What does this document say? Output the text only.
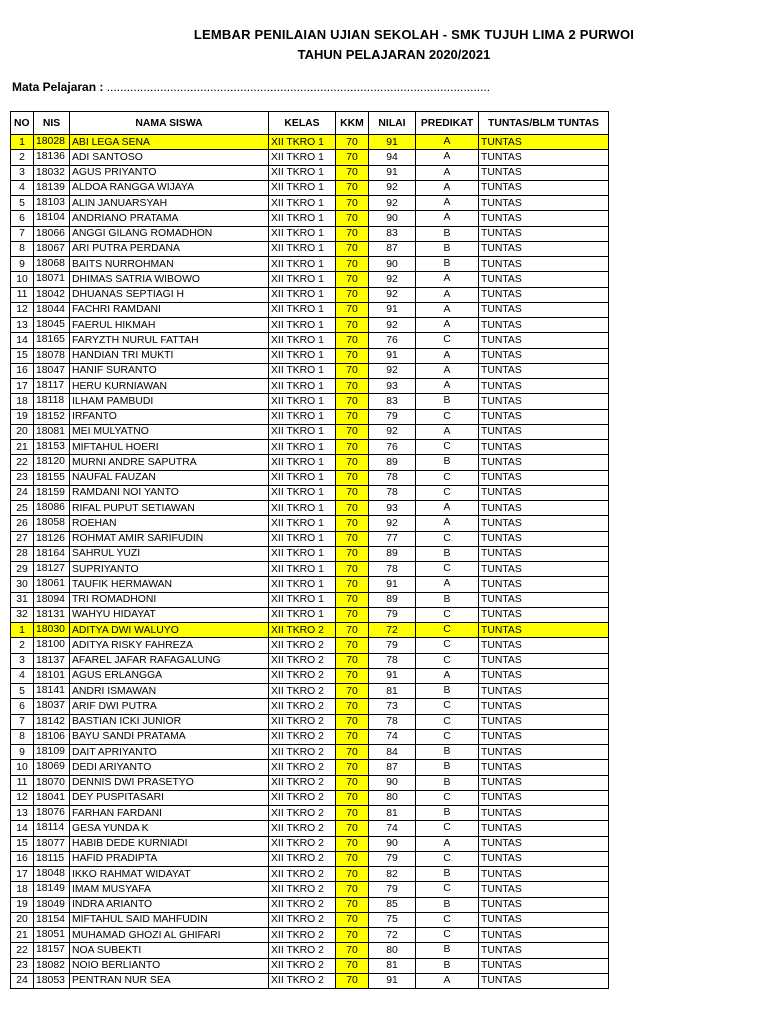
LEMBAR PENILAIAN UJIAN SEKOLAH - SMK TUJUH LIMA 2 PURWOI
TAHUN PELAJARAN 2020/2021
Mata Pelajaran : ...................................................................................................................
NO	NIS	NAMA SISWA	KELAS	KKM	NILAI	PREDIKAT	TUNTAS/BLM TUNTAS
1	18028	ABI LEGA SENA	XII TKRO 1	70	91	A	TUNTAS
2	18136	ADI SANTOSO	XII TKRO 1	70	94	A	TUNTAS
3	18032	AGUS PRIYANTO	XII TKRO 1	70	91	A	TUNTAS
4	18139	ALDOA RANGGA WIJAYA	XII TKRO 1	70	92	A	TUNTAS
5	18103	ALIN JANUARSYAH	XII TKRO 1	70	92	A	TUNTAS
6	18104	ANDRIANO PRATAMA	XII TKRO 1	70	90	A	TUNTAS
7	18066	ANGGI GILANG ROMADHON	XII TKRO 1	70	83	B	TUNTAS
8	18067	ARI PUTRA PERDANA	XII TKRO 1	70	87	B	TUNTAS
9	18068	BAITS NURROHMAN	XII TKRO 1	70	90	B	TUNTAS
10	18071	DHIMAS SATRIA WIBOWO	XII TKRO 1	70	92	A	TUNTAS
11	18042	DHUANAS SEPTIAGI H	XII TKRO 1	70	92	A	TUNTAS
12	18044	FACHRI RAMDANI	XII TKRO 1	70	91	A	TUNTAS
13	18045	FAERUL HIKMAH	XII TKRO 1	70	92	A	TUNTAS
14	18165	FARYZTH NURUL FATTAH	XII TKRO 1	70	76	C	TUNTAS
15	18078	HANDIAN TRI MUKTI	XII TKRO 1	70	91	A	TUNTAS
16	18047	HANIF SURANTO	XII TKRO 1	70	92	A	TUNTAS
17	18117	HERU KURNIAWAN	XII TKRO 1	70	93	A	TUNTAS
18	18118	ILHAM PAMBUDI	XII TKRO 1	70	83	B	TUNTAS
19	18152	IRFANTO	XII TKRO 1	70	79	C	TUNTAS
20	18081	MEI MULYATNO	XII TKRO 1	70	92	A	TUNTAS
21	18153	MIFTAHUL HOERI	XII TKRO 1	70	76	C	TUNTAS
22	18120	MURNI ANDRE SAPUTRA	XII TKRO 1	70	89	B	TUNTAS
23	18155	NAUFAL FAUZAN	XII TKRO 1	70	78	C	TUNTAS
24	18159	RAMDANI NOI YANTO	XII TKRO 1	70	78	C	TUNTAS
25	18086	RIFAL PUPUT SETIAWAN	XII TKRO 1	70	93	A	TUNTAS
26	18058	ROEHAN	XII TKRO 1	70	92	A	TUNTAS
27	18126	ROHMAT AMIR SARIFUDIN	XII TKRO 1	70	77	C	TUNTAS
28	18164	SAHRUL YUZI	XII TKRO 1	70	89	B	TUNTAS
29	18127	SUPRIYANTO	XII TKRO 1	70	78	C	TUNTAS
30	18061	TAUFIK HERMAWAN	XII TKRO 1	70	91	A	TUNTAS
31	18094	TRI ROMADHONI	XII TKRO 1	70	89	B	TUNTAS
32	18131	WAHYU HIDAYAT	XII TKRO 1	70	79	C	TUNTAS
1	18030	ADITYA DWI WALUYO	XII TKRO 2	70	72	C	TUNTAS
2	18100	ADITYA RISKY FAHREZA	XII TKRO 2	70	79	C	TUNTAS
3	18137	AFAREL JAFAR RAFAGALUNG	XII TKRO 2	70	78	C	TUNTAS
4	18101	AGUS ERLANGGA	XII TKRO 2	70	91	A	TUNTAS
5	18141	ANDRI ISMAWAN	XII TKRO 2	70	81	B	TUNTAS
6	18037	ARIF DWI PUTRA	XII TKRO 2	70	73	C	TUNTAS
7	18142	BASTIAN ICKI JUNIOR	XII TKRO 2	70	78	C	TUNTAS
8	18106	BAYU SANDI PRATAMA	XII TKRO 2	70	74	C	TUNTAS
9	18109	DAIT APRIYANTO	XII TKRO 2	70	84	B	TUNTAS
10	18069	DEDI ARIYANTO	XII TKRO 2	70	87	B	TUNTAS
11	18070	DENNIS DWI PRASETYO	XII TKRO 2	70	90	B	TUNTAS
12	18041	DEY PUSPITASARI	XII TKRO 2	70	80	C	TUNTAS
13	18076	FARHAN FARDANI	XII TKRO 2	70	81	B	TUNTAS
14	18114	GESA YUNDA K	XII TKRO 2	70	74	C	TUNTAS
15	18077	HABIB DEDE KURNIADI	XII TKRO 2	70	90	A	TUNTAS
16	18115	HAFID PRADIPTA	XII TKRO 2	70	79	C	TUNTAS
17	18048	IKKO RAHMAT WIDAYAT	XII TKRO 2	70	82	B	TUNTAS
18	18149	IMAM MUSYAFA	XII TKRO 2	70	79	C	TUNTAS
19	18049	INDRA ARIANTO	XII TKRO 2	70	85	B	TUNTAS
20	18154	MIFTAHUL SAID MAHFUDIN	XII TKRO 2	70	75	C	TUNTAS
21	18051	MUHAMAD GHOZI AL GHIFARI	XII TKRO 2	70	72	C	TUNTAS
22	18157	NOA SUBEKTI	XII TKRO 2	70	80	B	TUNTAS
23	18082	NOIO BERLIANTO	XII TKRO 2	70	81	B	TUNTAS
24	18053	PENTRAN NUR SEA	XII TKRO 2	70	91	A	TUNTAS
